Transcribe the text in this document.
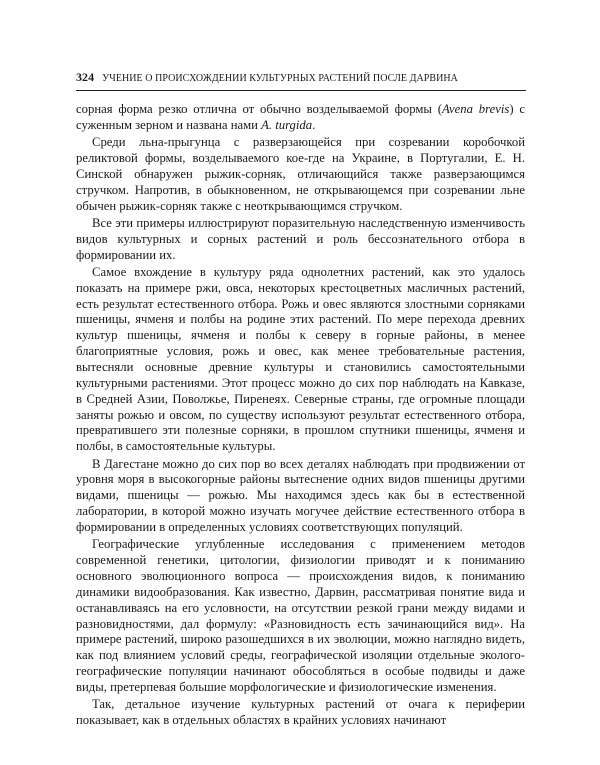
324 УЧЕНИЕ О ПРОИСХОЖДЕНИИ КУЛЬТУРНЫХ РАСТЕНИЙ ПОСЛЕ ДАРВИНА

сорная форма резко отлична от обычно возделываемой формы (Avena brevis) с суженным зерном и названа нами A. turgida.

Среди льна-прыгунца с разверзающейся при созревании коробочкой реликтовой формы, возделываемого кое-где на Украине, в Португалии, Е. Н. Синской обнаружен рыжик-сорняк, отличающийся также разверзающимся стручком. Напротив, в обыкновенном, не открывающемся при созревании льне обычен рыжик-сорняк также с неоткрывающимся стручком.

Все эти примеры иллюстрируют поразительную наследственную изменчивость видов культурных и сорных растений и роль бессознательного отбора в формировании их.

Самое вхождение в культуру ряда однолетних растений, как это удалось показать на примере ржи, овса, некоторых крестоцветных масличных растений, есть результат естественного отбора. Рожь и овес являются злостными сорняками пшеницы, ячменя и полбы на родине этих растений. По мере перехода древних культур пшеницы, ячменя и полбы к северу в горные районы, в менее благоприятные условия, рожь и овес, как менее требовательные растения, вытесняли основные древние культуры и становились самостоятельными культурными растениями. Этот процесс можно до сих пор наблюдать на Кавказе, в Средней Азии, Поволжье, Пиренеях. Северные страны, где огромные площади заняты рожью и овсом, по существу используют результат естественного отбора, превратившего эти полезные сорняки, в прошлом спутники пшеницы, ячменя и полбы, в самостоятельные культуры.

В Дагестане можно до сих пор во всех деталях наблюдать при продвижении от уровня моря в высокогорные районы вытеснение одних видов пшеницы другими видами, пшеницы — рожью. Мы находимся здесь как бы в естественной лаборатории, в которой можно изучать могучее действие естественного отбора в формировании в определенных условиях соответствующих популяций.

Географические углубленные исследования с применением методов современной генетики, цитологии, физиологии приводят и к пониманию основного эволюционного вопроса — происхождения видов, к пониманию динамики видообразования. Как известно, Дарвин, рассматривая понятие вида и останавливаясь на его условности, на отсутствии резкой грани между видами и разновидностями, дал формулу: «Разновидность есть зачинающийся вид». На примере растений, широко разошедшихся в их эволюции, можно наглядно видеть, как под влиянием условий среды, географической изоляции отдельные эколого-географические популяции начинают обособляться в особые подвиды и даже виды, претерпевая большие морфологические и физиологические изменения.

Так, детальное изучение культурных растений от очага к периферии показывает, как в отдельных областях в крайних условиях начинают
